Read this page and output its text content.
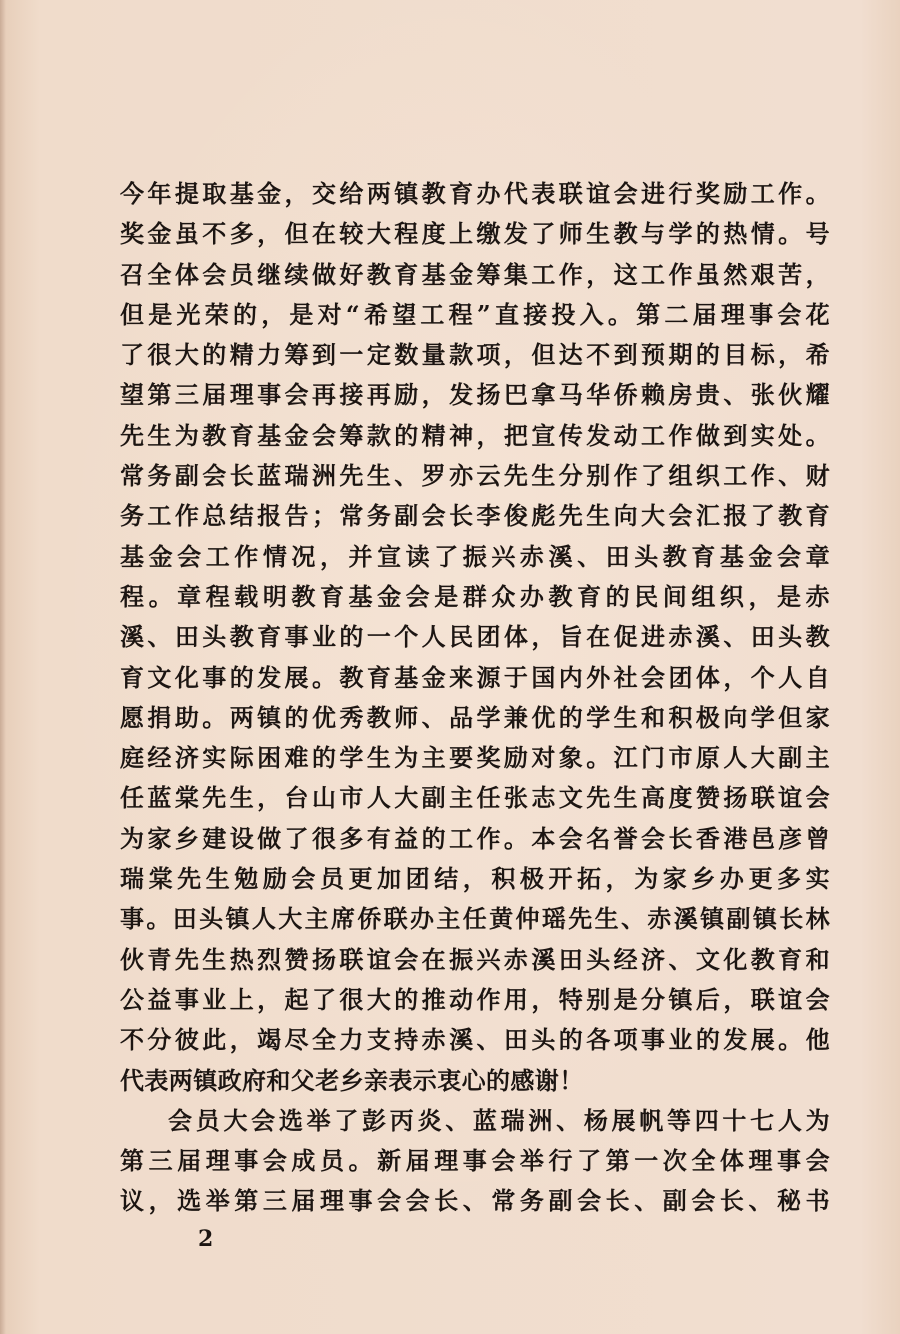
今年提取基金，交给两镇教育办代表联谊会进行奖励工作。
奖金虽不多，但在较大程度上缴发了师生教与学的热情。号
召全体会员继续做好教育基金筹集工作，这工作虽然艰苦，
但是光荣的，是对“希望工程”直接投入。第二届理事会花
了很大的精力筹到一定数量款项，但达不到预期的目标，希
望第三届理事会再接再励，发扬巴拿马华侨赖房贵、张伙耀
先生为教育基金会筹款的精神，把宣传发动工作做到实处。
常务副会长蓝瑞洲先生、罗亦云先生分别作了组织工作、财
务工作总结报告；常务副会长李俊彪先生向大会汇报了教育
基金会工作情况，并宣读了振兴赤溪、田头教育基金会章
程。章程载明教育基金会是群众办教育的民间组织，是赤
溪、田头教育事业的一个人民团体，旨在促进赤溪、田头教
育文化事的发展。教育基金来源于国内外社会团体，个人自
愿捐助。两镇的优秀教师、品学兼优的学生和积极向学但家
庭经济实际困难的学生为主要奖励对象。江门市原人大副主
任蓝棠先生，台山市人大副主任张志文先生高度赞扬联谊会
为家乡建设做了很多有益的工作。本会名誉会长香港邑彦曾
瑞棠先生勉励会员更加团结，积极开拓，为家乡办更多实
事。田头镇人大主席侨联办主任黄仲瑶先生、赤溪镇副镇长林
伙青先生热烈赞扬联谊会在振兴赤溪田头经济、文化教育和
公益事业上，起了很大的推动作用，特别是分镇后，联谊会
不分彼此，竭尽全力支持赤溪、田头的各项事业的发展。他
代表两镇政府和父老乡亲表示衷心的感谢！
会员大会选举了彭丙炎、蓝瑞洲、杨展帆等四十七人为
第三届理事会成员。新届理事会举行了第一次全体理事会
议，选举第三届理事会会长、常务副会长、副会长、秘书
2
